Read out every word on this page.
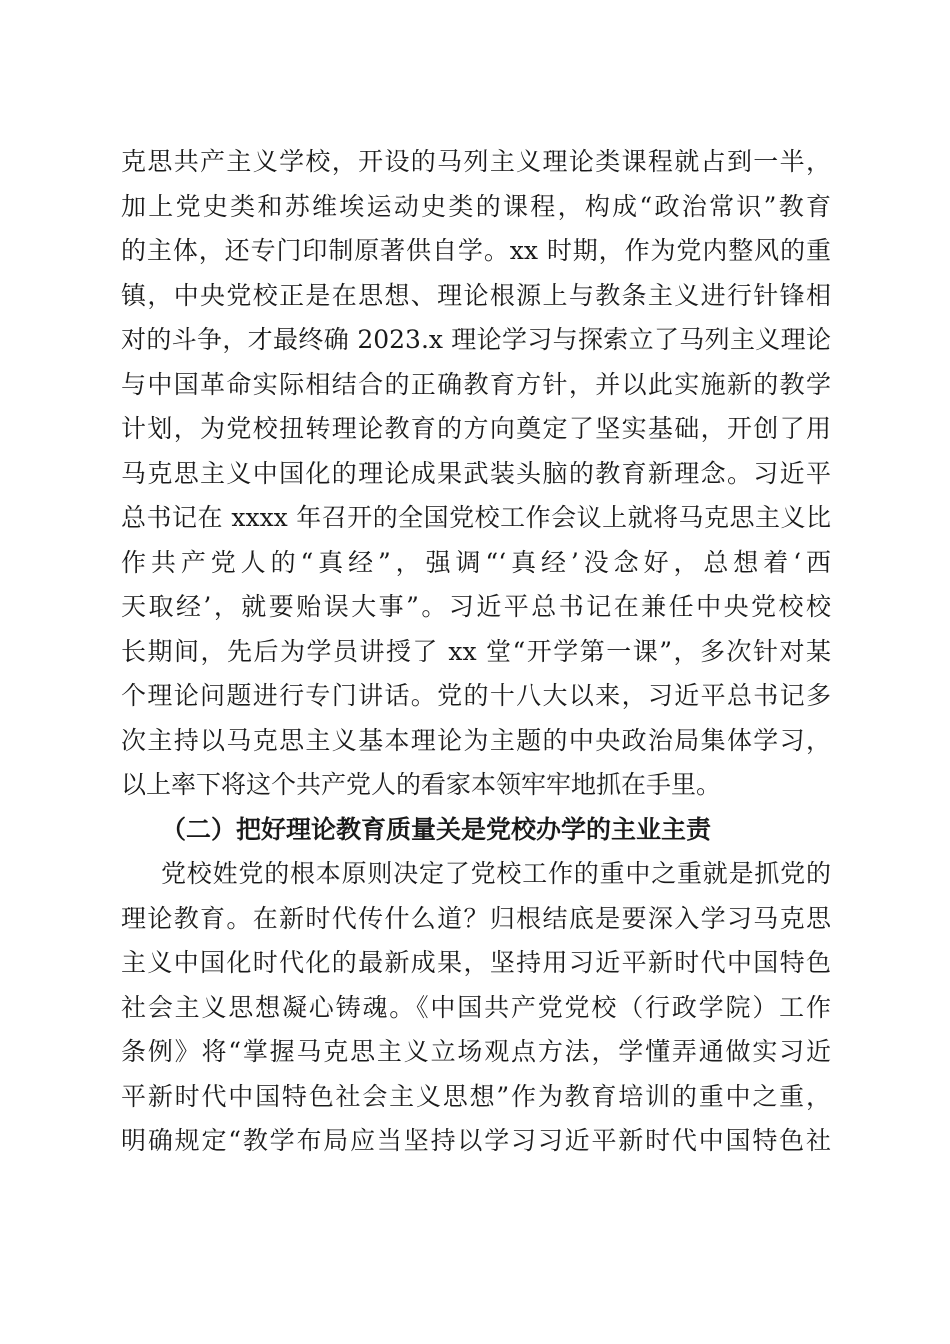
克思共产主义学校，开设的马列主义理论类课程就占到一半，
加上党史类和苏维埃运动史类的课程，构成“政治常识”教育
的主体，还专门印制原著供自学。xx 时期，作为党内整风的重
镇，中央党校正是在思想、理论根源上与教条主义进行针锋相
对的斗争，才最终确 2023.x 理论学习与探索立了马列主义理论
与中国革命实际相结合的正确教育方针，并以此实施新的教学
计划，为党校扭转理论教育的方向奠定了坚实基础，开创了用
马克思主义中国化的理论成果武装头脑的教育新理念。习近平
总书记在 xxxx 年召开的全国党校工作会议上就将马克思主义比
作共产党人的“真经”，强调“‘真经’没念好，总想着‘西
天取经’，就要贻误大事”。习近平总书记在兼任中央党校校
长期间，先后为学员讲授了 xx 堂“开学第一课”，多次针对某
个理论问题进行专门讲话。党的十八大以来，习近平总书记多
次主持以马克思主义基本理论为主题的中央政治局集体学习，
以上率下将这个共产党人的看家本领牢牢地抓在手里。
（二）把好理论教育质量关是党校办学的主业主责
党校姓党的根本原则决定了党校工作的重中之重就是抓党的
理论教育。在新时代传什么道？归根结底是要深入学习马克思
主义中国化时代化的最新成果，坚持用习近平新时代中国特色
社会主义思想凝心铸魂。《中国共产党党校（行政学院）工作
条例》将“掌握马克思主义立场观点方法，学懂弄通做实习近
平新时代中国特色社会主义思想”作为教育培训的重中之重，
明确规定“教学布局应当坚持以学习习近平新时代中国特色社
